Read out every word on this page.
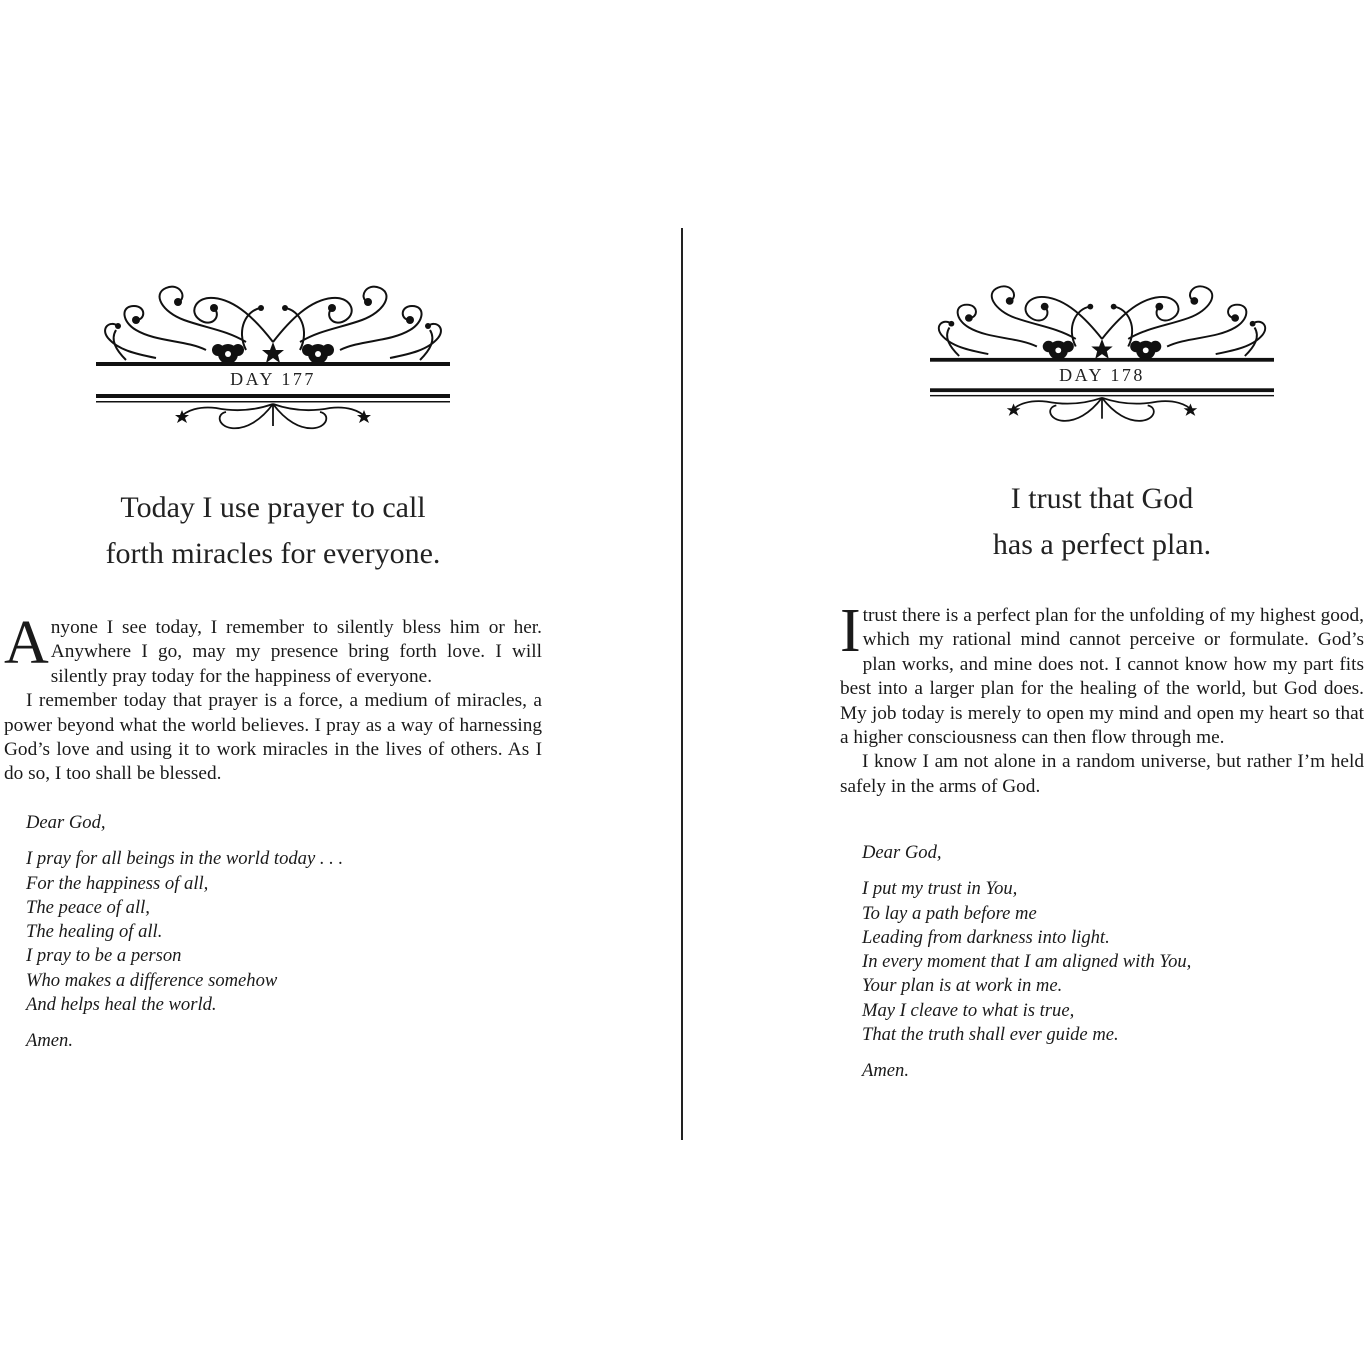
DAY 177
Today I use prayer to call
forth miracles for everyone.

Anyone I see today, I remember to silently bless him or her. Anywhere I go, may my presence bring forth love. I will silently pray today for the happiness of everyone.

I remember today that prayer is a force, a medium of miracles, a power beyond what the world believes. I pray as a way of harnessing God’s love and using it to work miracles in the lives of others. As I do so, I too shall be blessed.

Dear God,
I pray for all beings in the world today . . .
For the happiness of all,
The peace of all,
The healing of all.
I pray to be a person
Who makes a difference somehow
And helps heal the world.
Amen.
DAY 178
I trust that God
has a perfect plan.

Itrust there is a perfect plan for the unfolding of my highest good, which my rational mind cannot perceive or formulate. God’s plan works, and mine does not. I cannot know how my part fits best into a larger plan for the healing of the world, but God does. My job today is merely to open my mind and open my heart so that a higher consciousness can then flow through me.

I know I am not alone in a random universe, but rather I’m held safely in the arms of God.

Dear God,
I put my trust in You,
To lay a path before me
Leading from darkness into light.
In every moment that I am aligned with You,
Your plan is at work in me.
May I cleave to what is true,
That the truth shall ever guide me.
Amen.
